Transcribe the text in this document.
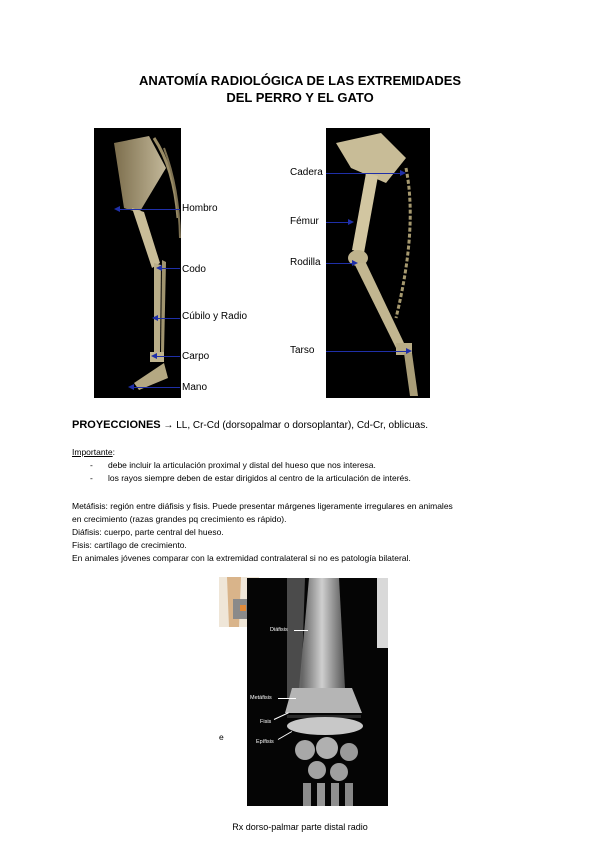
ANATOMÍA RADIOLÓGICA DE LAS EXTREMIDADES
DEL PERRO Y EL GATO
Hombro
Codo
Cúbilo y Radio
Carpo
Mano
Cadera
Fémur
Rodilla
Tarso
PROYECCIONES → LL, Cr-Cd (dorsopalmar o dorsoplantar), Cd-Cr, oblicuas.
Importante:
- debe incluir la articulación proximal y distal del hueso que nos interesa.
- los rayos siempre deben de estar dirigidos al centro de la articulación de interés.
Metáfisis: región entre diáfisis y fisis. Puede presentar márgenes ligeramente irregulares en animales
en crecimiento (razas grandes pq crecimiento es rápido).
Diáfisis: cuerpo, parte central del hueso.
Fisis: cartílago de crecimiento.
En animales jóvenes comparar con la extremidad contralateral si no es patología bilateral.
Diáfisis
Metáfisis
Fisis
Epífisis
e
Rx dorso-palmar parte distal radio
